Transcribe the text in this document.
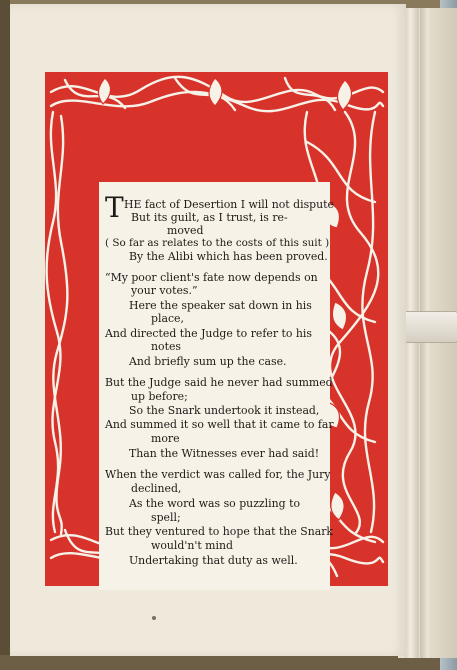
T HE fact of Desertion I will not dispute
But its guilt, as I trust, is re-
moved
( So far as relates to the costs of this suit )
By the Alibi which has been proved.
“My poor client's fate now depends on
your votes.”
Here the speaker sat down in his
place,
And directed the Judge to refer to his
notes
And briefly sum up the case.
But the Judge said he never had summed
up before;
So the Snark undertook it instead,
And summed it so well that it came to far
more
Than the Witnesses ever had said!
When the verdict was called for, the Jury
declined,
As the word was so puzzling to
spell;
But they ventured to hope that the Snark
would'n't mind
Undertaking that duty as well.
